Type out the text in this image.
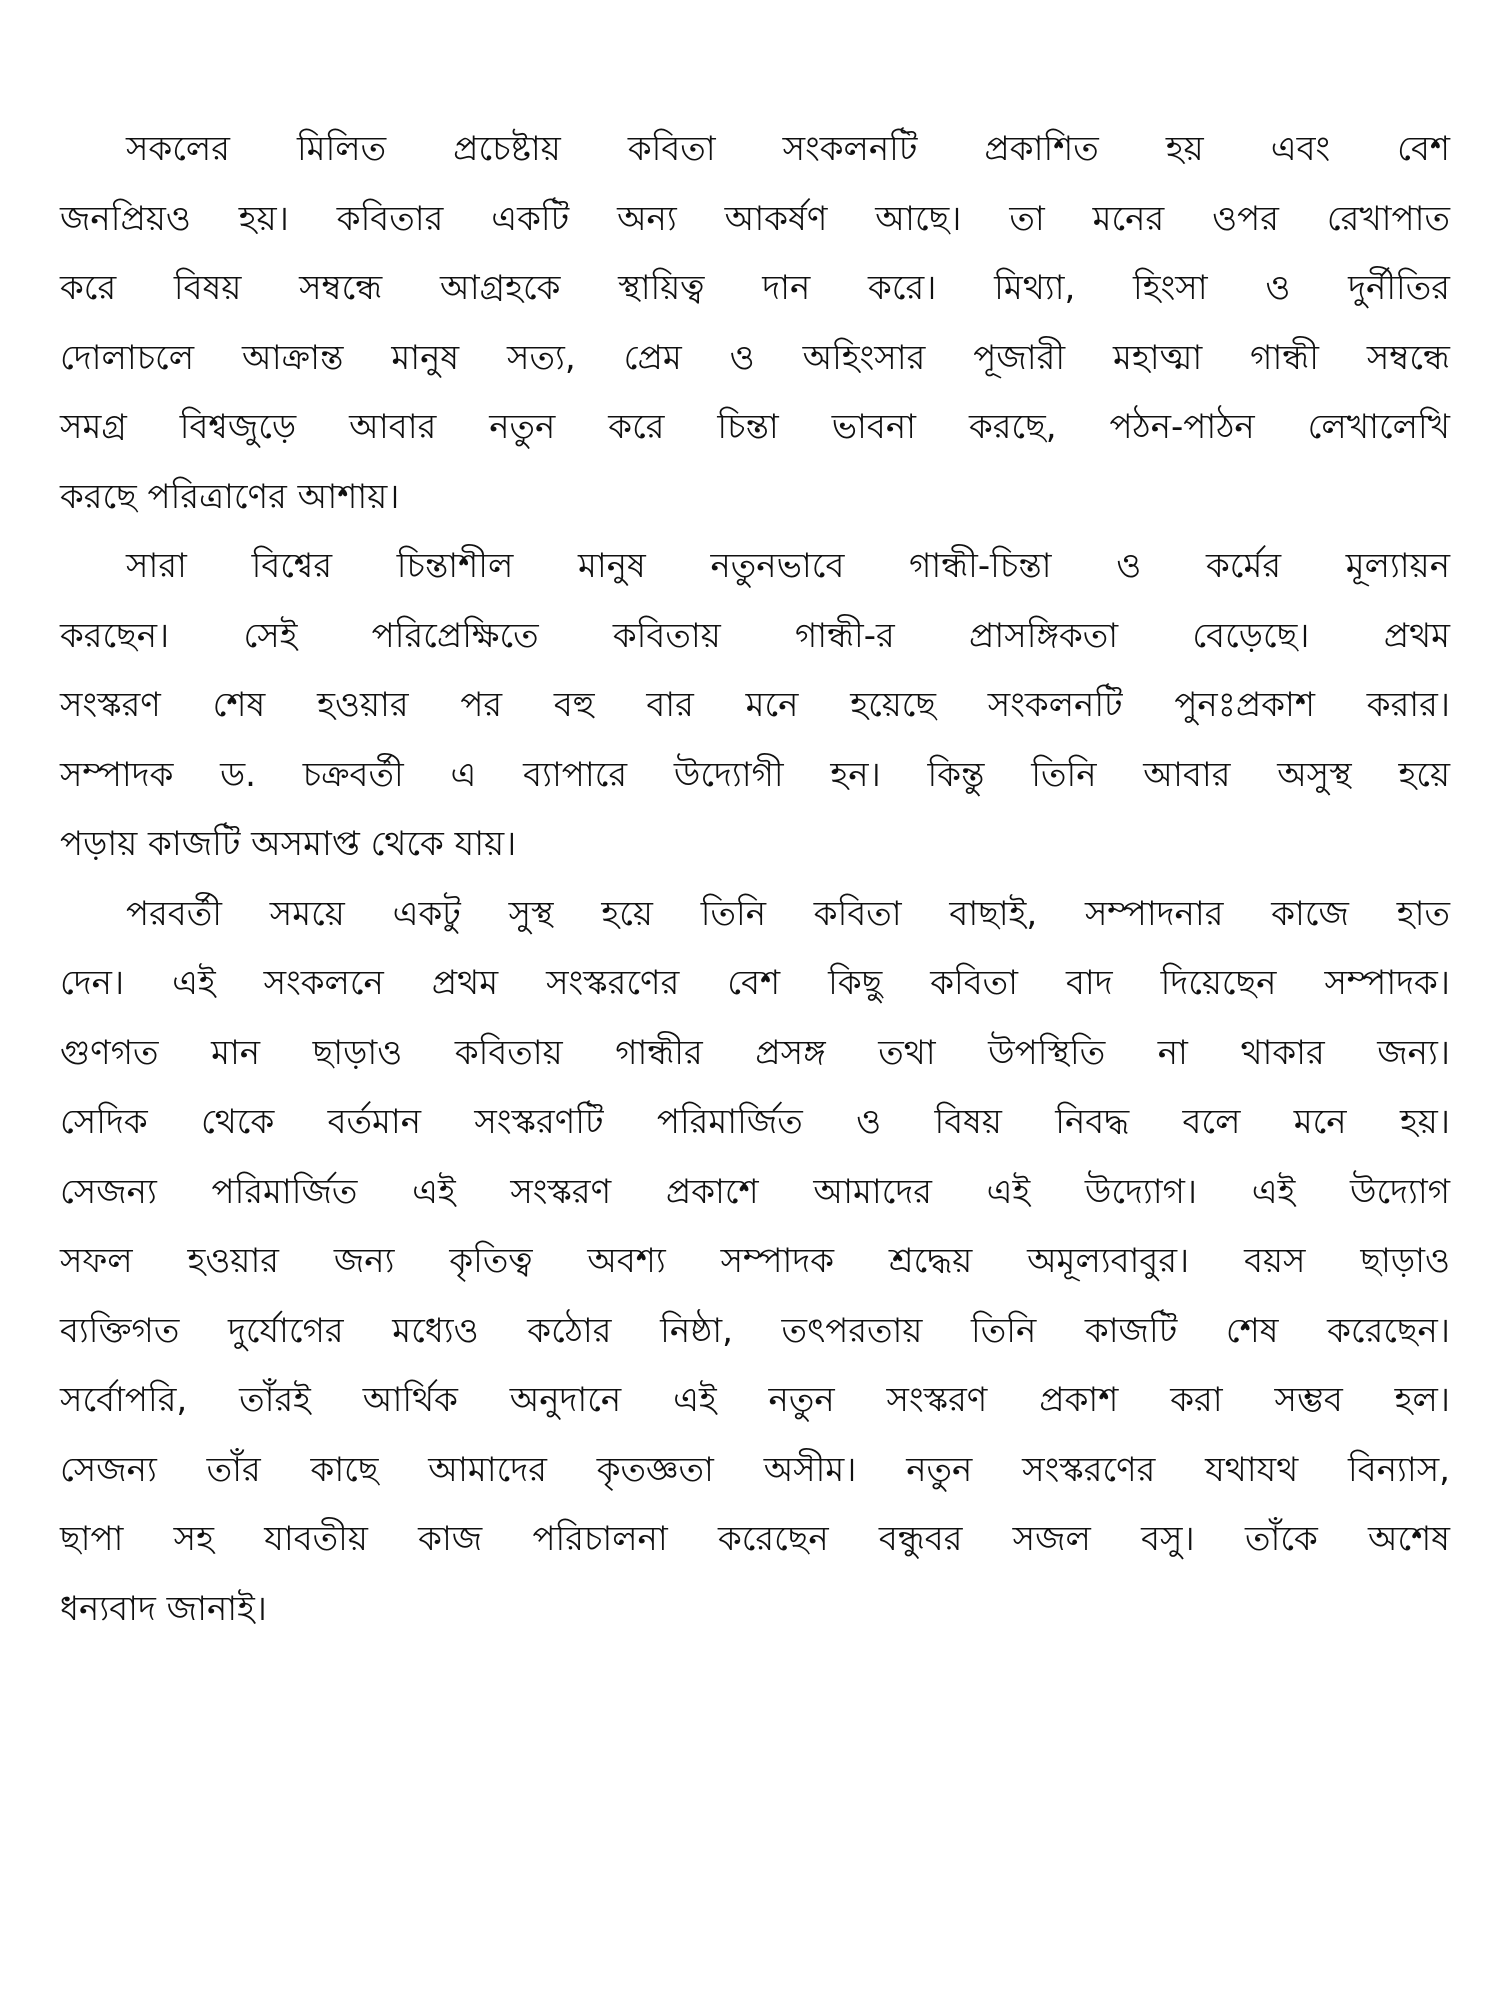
সকলের মিলিত প্রচেষ্টায় কবিতা সংকলনটি প্রকাশিত হয় এবং বেশ
জনপ্রিয়ও হয়। কবিতার একটি অন্য আকর্ষণ আছে। তা মনের ওপর রেখাপাত
করে বিষয় সম্বন্ধে আগ্রহকে স্থায়িত্ব দান করে। মিথ্যা, হিংসা ও দুর্নীতির
দোলাচলে আক্রান্ত মানুষ সত্য, প্রেম ও অহিংসার পূজারী মহাত্মা গান্ধী সম্বন্ধে
সমগ্র বিশ্বজুড়ে আবার নতুন করে চিন্তা ভাবনা করছে, পঠন-পাঠন লেখালেখি
করছে পরিত্রাণের আশায়।
সারা বিশ্বের চিন্তাশীল মানুষ নতুনভাবে গান্ধী-চিন্তা ও কর্মের মূল্যায়ন
করছেন। সেই পরিপ্রেক্ষিতে কবিতায় গান্ধী-র প্রাসঙ্গিকতা বেড়েছে। প্রথম
সংস্করণ শেষ হওয়ার পর বহু বার মনে হয়েছে সংকলনটি পুনঃপ্রকাশ করার।
সম্পাদক ড. চক্রবর্তী এ ব্যাপারে উদ্যোগী হন। কিন্তু তিনি আবার অসুস্থ হয়ে
পড়ায় কাজটি অসমাপ্ত থেকে যায়।
পরবর্তী সময়ে একটু সুস্থ হয়ে তিনি কবিতা বাছাই, সম্পাদনার কাজে হাত
দেন। এই সংকলনে প্রথম সংস্করণের বেশ কিছু কবিতা বাদ দিয়েছেন সম্পাদক।
গুণগত মান ছাড়াও কবিতায় গান্ধীর প্রসঙ্গ তথা উপস্থিতি না থাকার জন্য।
সেদিক থেকে বর্তমান সংস্করণটি পরিমার্জিত ও বিষয় নিবদ্ধ বলে মনে হয়।
সেজন্য পরিমার্জিত এই সংস্করণ প্রকাশে আমাদের এই উদ্যোগ। এই উদ্যোগ
সফল হওয়ার জন্য কৃতিত্ব অবশ্য সম্পাদক শ্রদ্ধেয় অমূল্যবাবুর। বয়স ছাড়াও
ব্যক্তিগত দুর্যোগের মধ্যেও কঠোর নিষ্ঠা, তৎপরতায় তিনি কাজটি শেষ করেছেন।
সর্বোপরি, তাঁরই আর্থিক অনুদানে এই নতুন সংস্করণ প্রকাশ করা সম্ভব হল।
সেজন্য তাঁর কাছে আমাদের কৃতজ্ঞতা অসীম। নতুন সংস্করণের যথাযথ বিন্যাস,
ছাপা সহ যাবতীয় কাজ পরিচালনা করেছেন বন্ধুবর সজল বসু। তাঁকে অশেষ
ধন্যবাদ জানাই।
